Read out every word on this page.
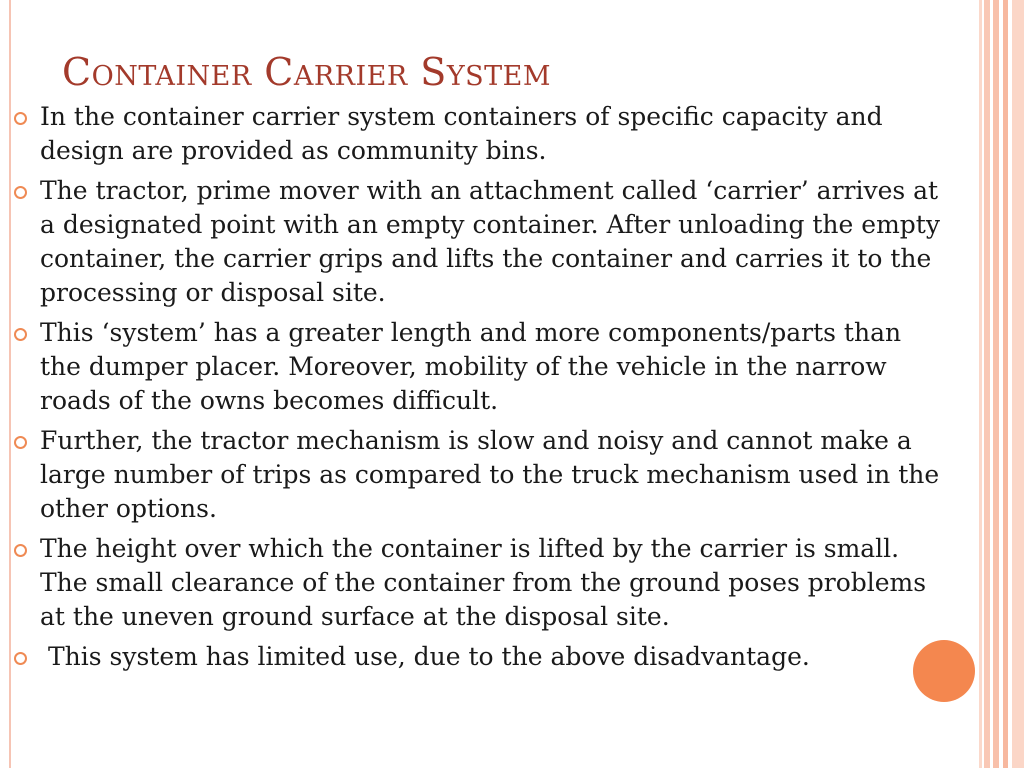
Container Carrier System
In the container carrier system containers of specific capacity and design are provided as community bins.
The tractor, prime mover with an attachment called ‘carrier’ arrives at a designated point with an empty container. After unloading the empty container, the carrier grips and lifts the container and carries it to the processing or disposal site.
This ‘system’ has a greater length and more components/parts than the dumper placer. Moreover, mobility of the vehicle in the narrow roads of the owns becomes difficult.
Further, the tractor mechanism is slow and noisy and cannot make a large number of trips as compared to the truck mechanism used in the other options.
The height over which the container is lifted by the carrier is small. The small clearance of the container from the ground poses problems at the uneven ground surface at the disposal site.
This system has limited use, due to the above disadvantage.
